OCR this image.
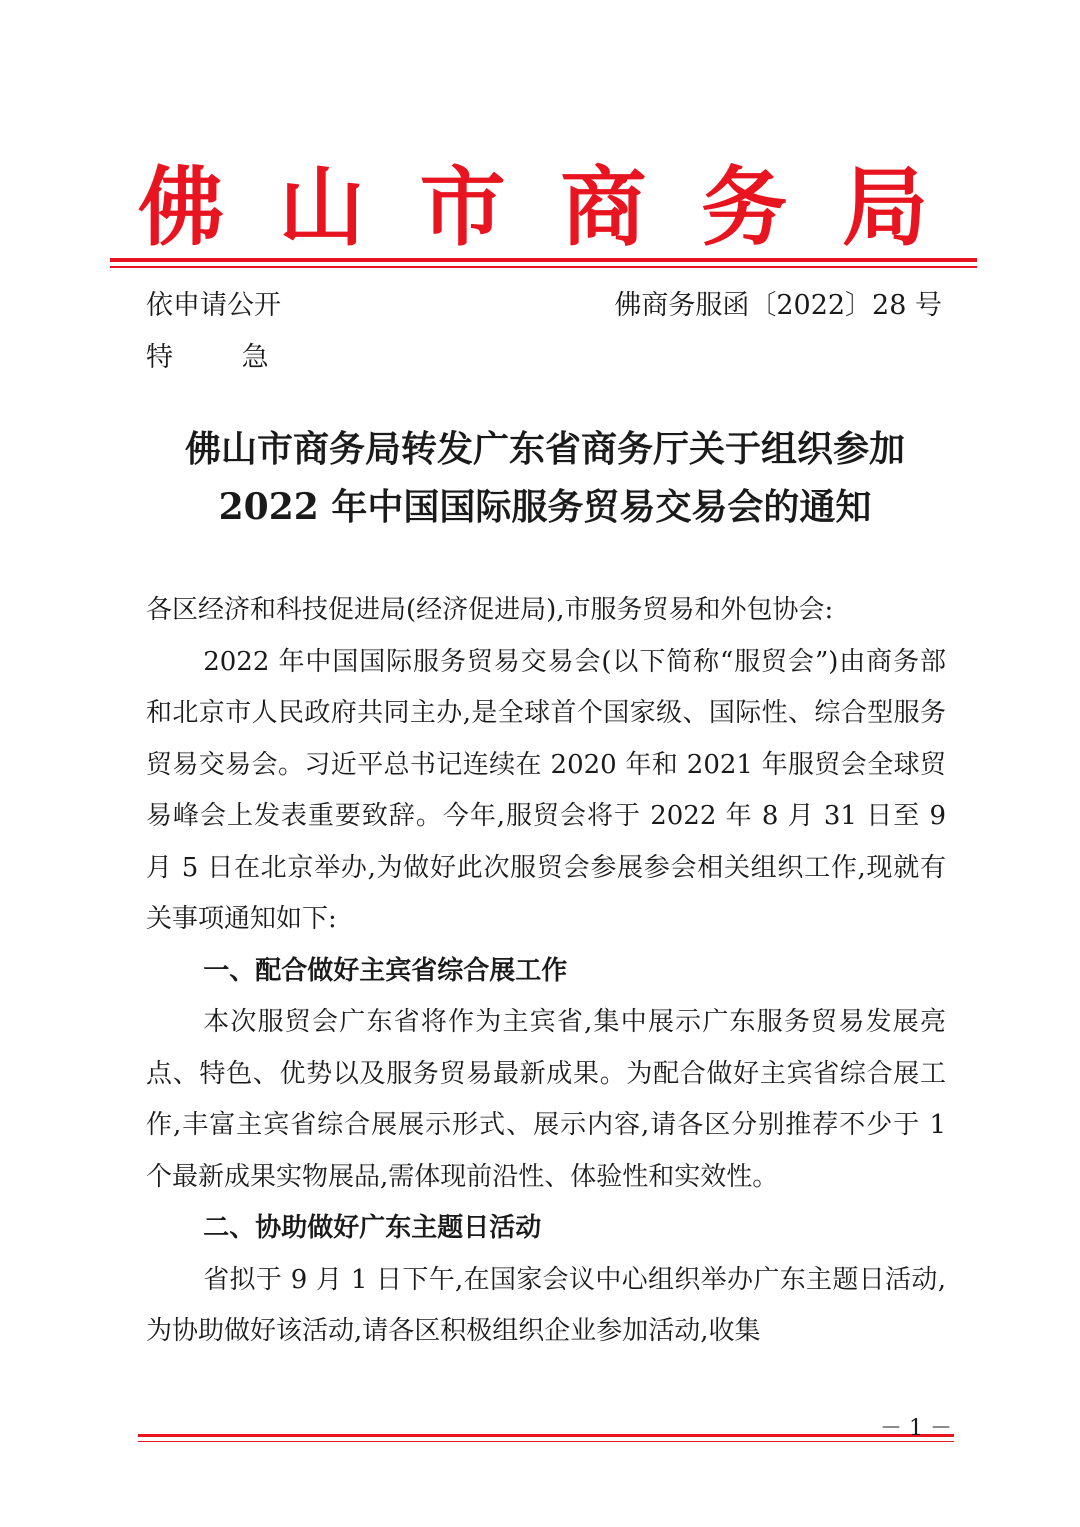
佛 山 市 商 务 局
依申请公开
特 急
佛商务服函〔2022〕28 号
佛山市商务局转发广东省商务厅关于组织参加
2022 年中国国际服务贸易交易会的通知

各区经济和科技促进局(经济促进局),市服务贸易和外包协会:

2022 年中国国际服务贸易交易会(以下简称“服贸会”)由商务部和北京市人民政府共同主办,是全球首个国家级、国际性、综合型服务贸易交易会。习近平总书记连续在 2020 年和 2021 年服贸会全球贸易峰会上发表重要致辞。今年,服贸会将于 2022 年 8 月 31 日至 9 月 5 日在北京举办,为做好此次服贸会参展参会相关组织工作,现就有关事项通知如下:

一、配合做好主宾省综合展工作

本次服贸会广东省将作为主宾省,集中展示广东服务贸易发展亮点、特色、优势以及服务贸易最新成果。为配合做好主宾省综合展工作,丰富主宾省综合展展示形式、展示内容,请各区分别推荐不少于 1 个最新成果实物展品,需体现前沿性、体验性和实效性。

二、协助做好广东主题日活动

省拟于 9 月 1 日下午,在国家会议中心组织举办广东主题日活动,为协助做好该活动,请各区积极组织企业参加活动,收集

－ 1 －
